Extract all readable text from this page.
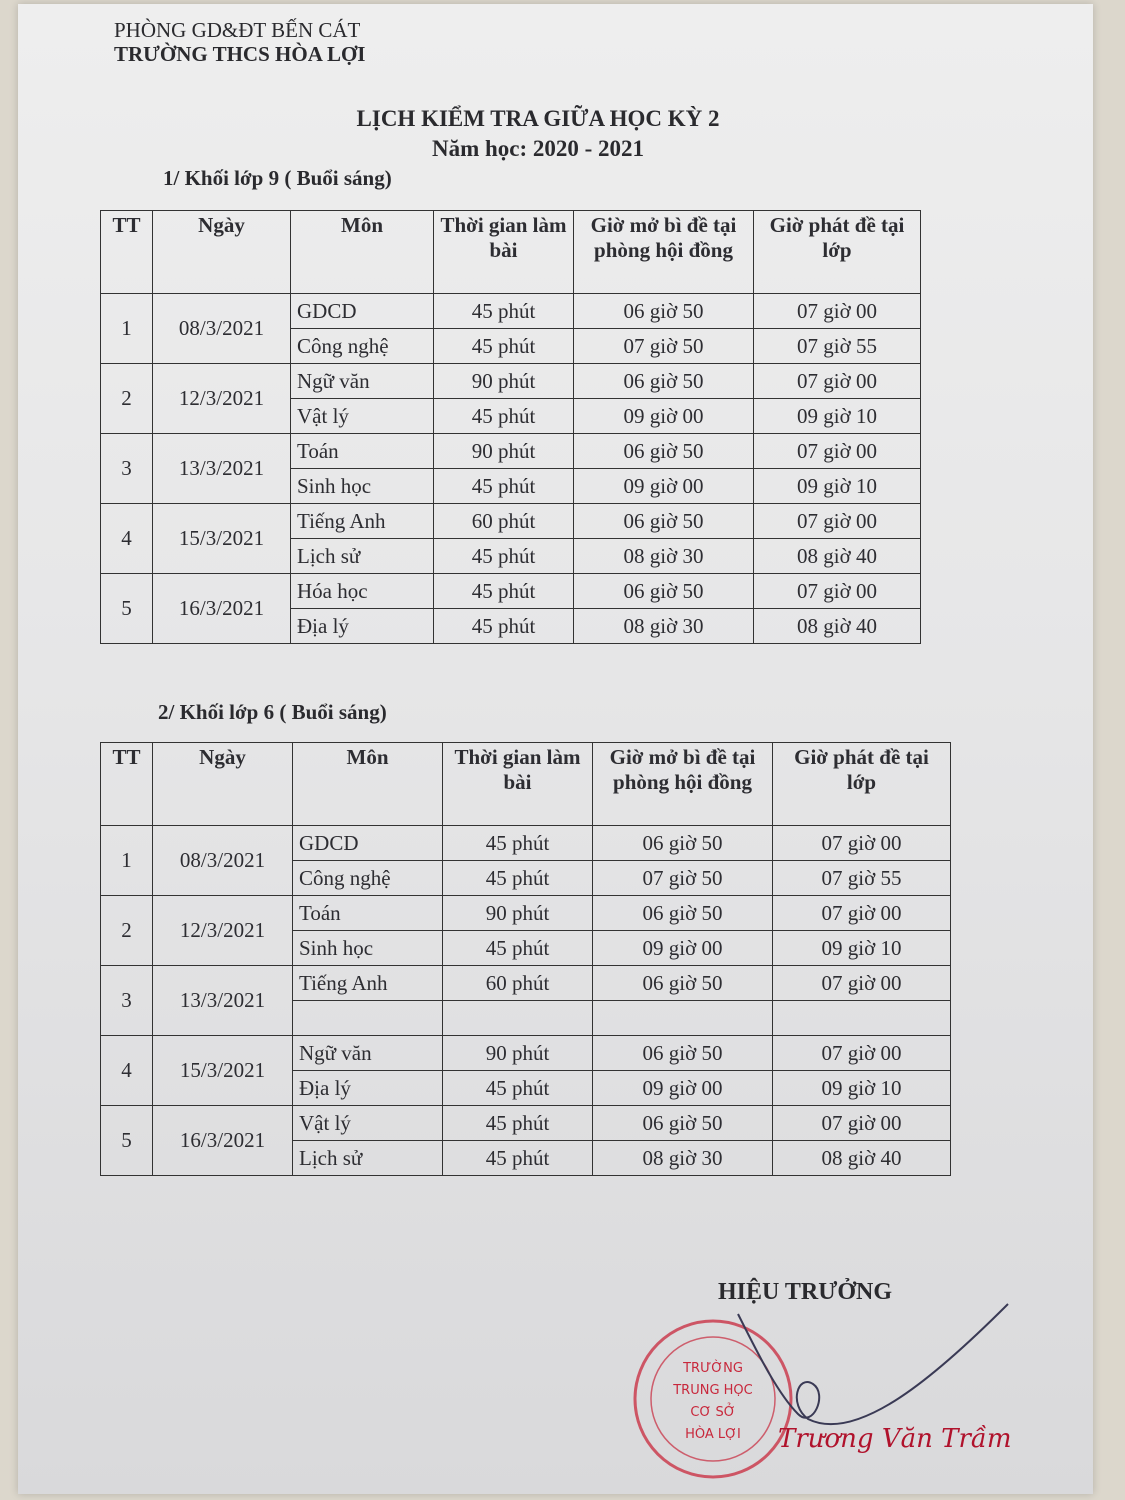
PHÒNG GD&ĐT BẾN CÁT
TRƯỜNG THCS HÒA LỢI
LỊCH KIỂM TRA GIỮA HỌC KỲ 2
Năm học: 2020 - 2021
1/ Khối lớp 9 ( Buổi sáng)
TT	Ngày	Môn	Thời gian làm bài	Giờ mở bì đề tại phòng hội đồng	Giờ phát đề tại lớp
1	08/3/2021	GDCD	45 phút	06 giờ 50	07 giờ 00
		Công nghệ	45 phút	07 giờ 50	07 giờ 55
2	12/3/2021	Ngữ văn	90 phút	06 giờ 50	07 giờ 00
		Vật lý	45 phút	09 giờ 00	09 giờ 10
3	13/3/2021	Toán	90 phút	06 giờ 50	07 giờ 00
		Sinh học	45 phút	09 giờ 00	09 giờ 10
4	15/3/2021	Tiếng Anh	60 phút	06 giờ 50	07 giờ 00
		Lịch sử	45 phút	08 giờ 30	08 giờ 40
5	16/3/2021	Hóa học	45 phút	06 giờ 50	07 giờ 00
		Địa lý	45 phút	08 giờ 30	08 giờ 40
2/ Khối lớp 6 ( Buổi sáng)
TT	Ngày	Môn	Thời gian làm bài	Giờ mở bì đề tại phòng hội đồng	Giờ phát đề tại lớp
1	08/3/2021	GDCD	45 phút	06 giờ 50	07 giờ 00
		Công nghệ	45 phút	07 giờ 50	07 giờ 55
2	12/3/2021	Toán	90 phút	06 giờ 50	07 giờ 00
		Sinh học	45 phút	09 giờ 00	09 giờ 10
3	13/3/2021	Tiếng Anh	60 phút	06 giờ 50	07 giờ 00

4	15/3/2021	Ngữ văn	90 phút	06 giờ 50	07 giờ 00
		Địa lý	45 phút	09 giờ 00	09 giờ 10
5	16/3/2021	Vật lý	45 phút	06 giờ 50	07 giờ 00
		Lịch sử	45 phút	08 giờ 30	08 giờ 40
HIỆU TRƯỞNG
TRƯỜNG
TRUNG HỌC
CƠ SỞ
HÒA LỢI Trương Văn Trầm
